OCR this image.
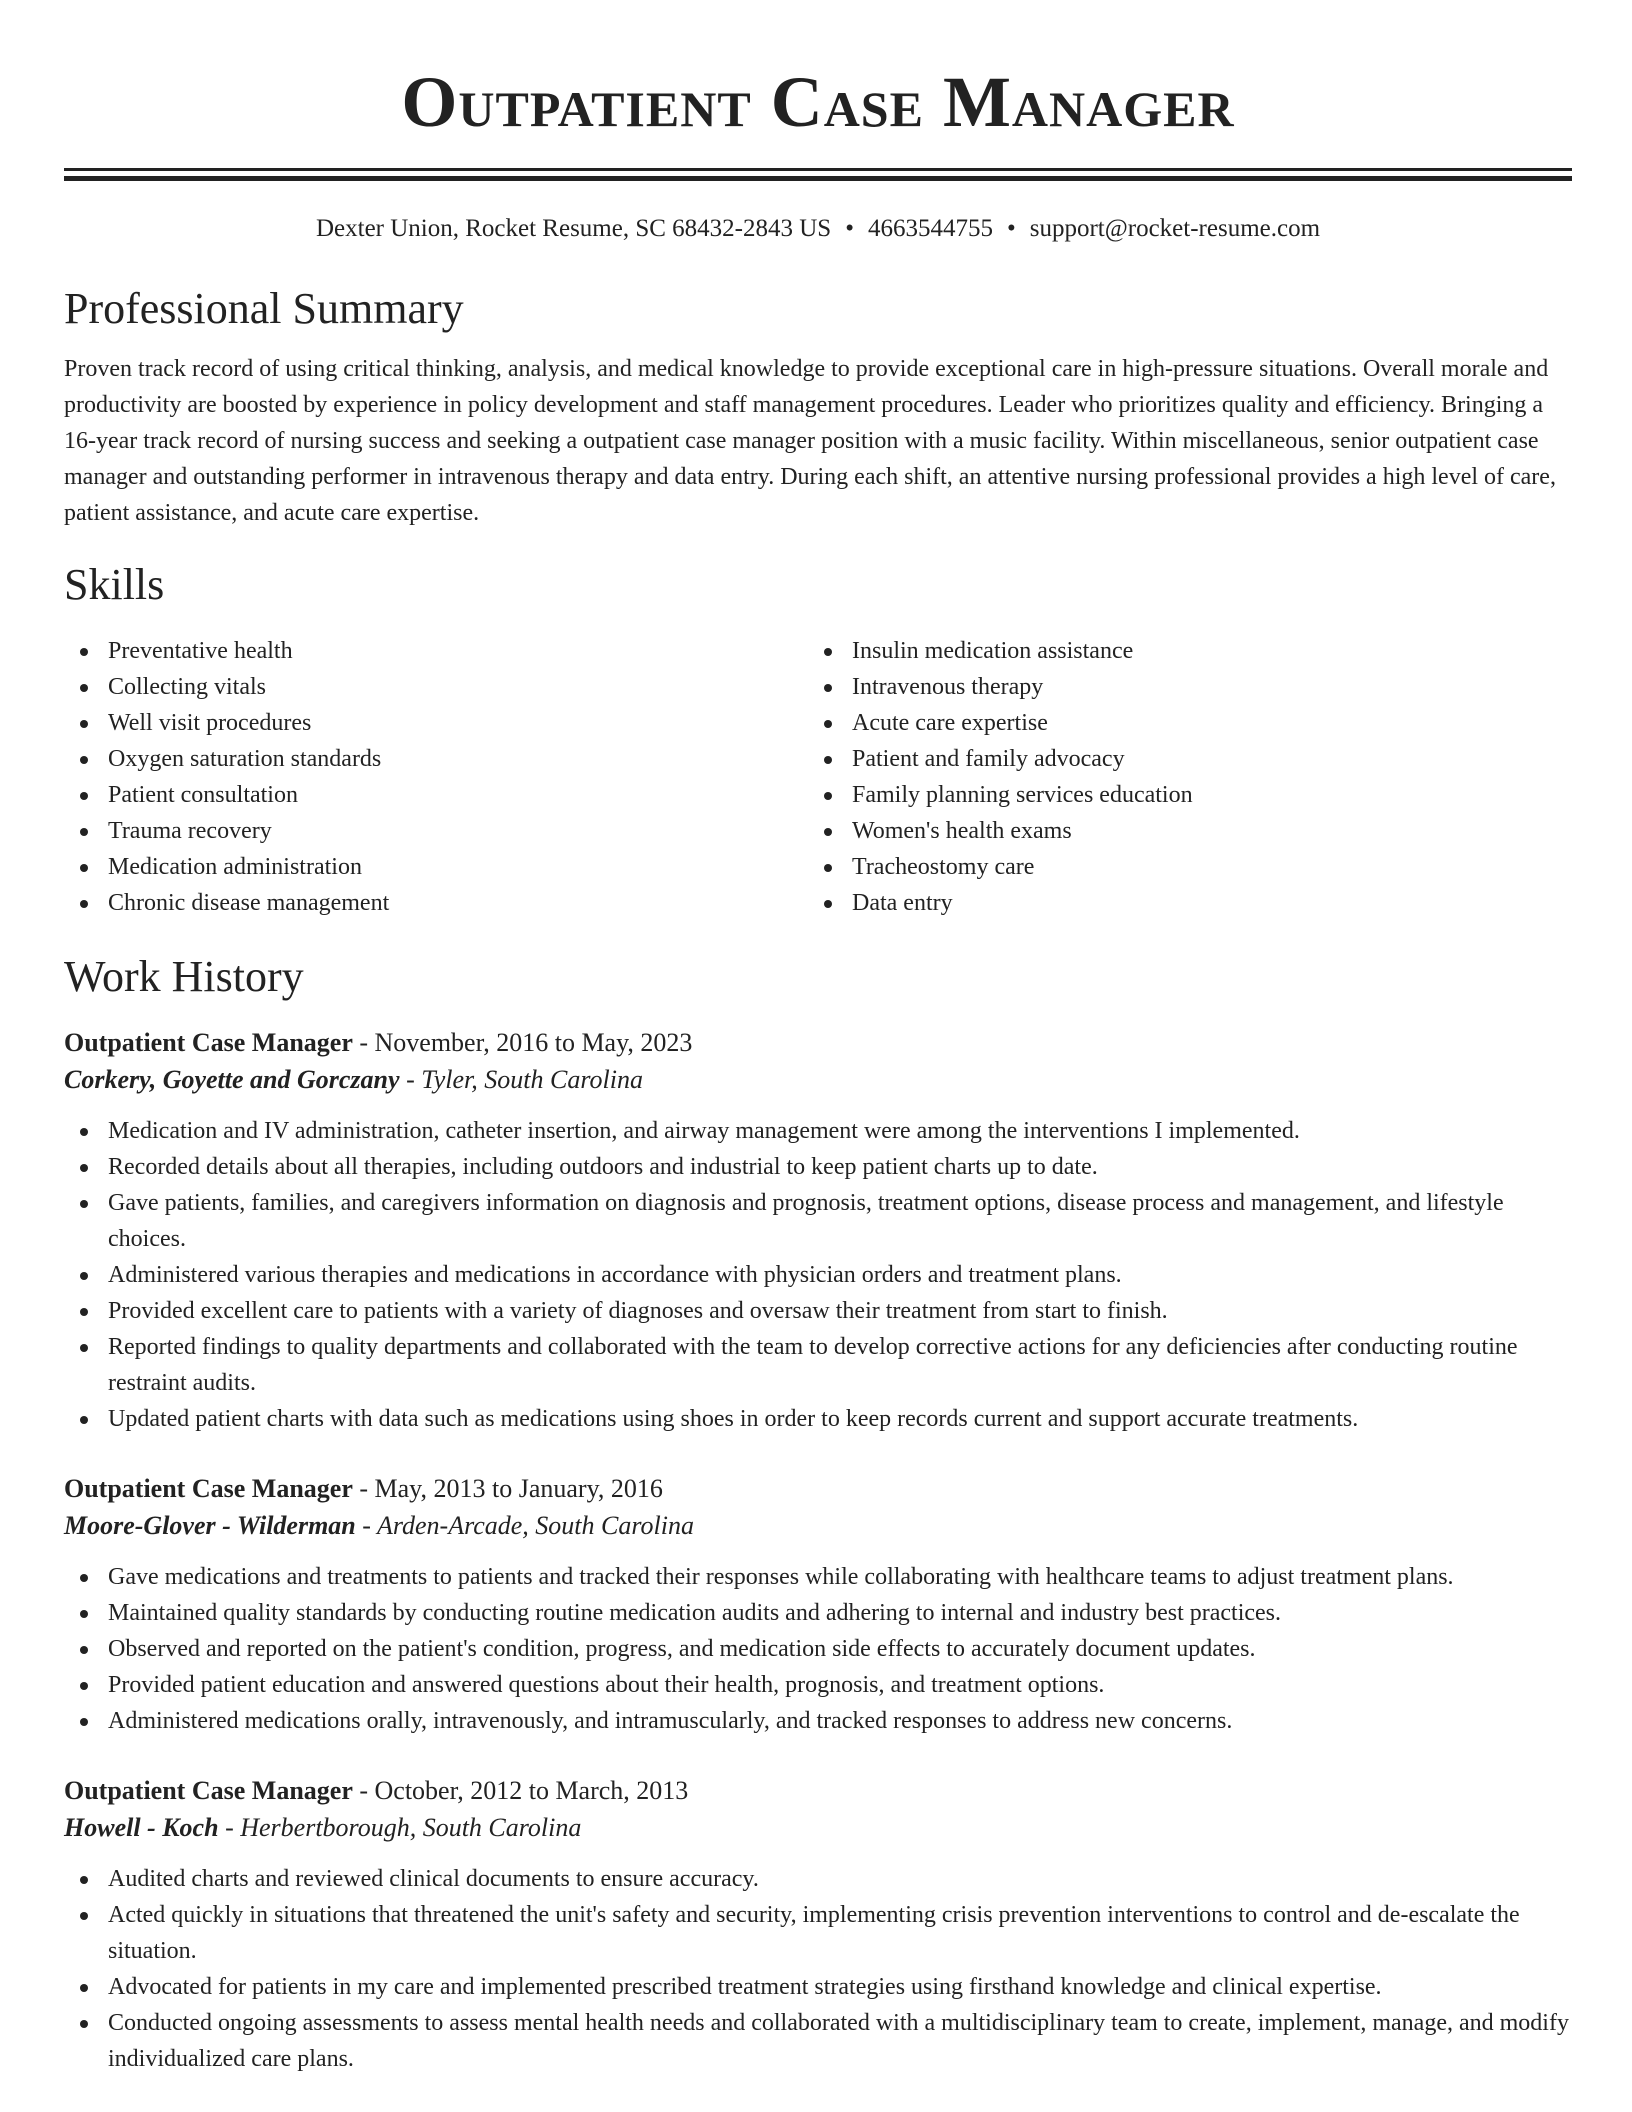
Outpatient Case Manager
Dexter Union, Rocket Resume, SC 68432-2843 US • 4663544755 • support@rocket-resume.com
Professional Summary

Proven track record of using critical thinking, analysis, and medical knowledge to provide exceptional care in high-pressure situations. Overall morale and productivity are boosted by experience in policy development and staff management procedures. Leader who prioritizes quality and efficiency. Bringing a 16-year track record of nursing success and seeking a outpatient case manager position with a music facility. Within miscellaneous, senior outpatient case manager and outstanding performer in intravenous therapy and data entry. During each shift, an attentive nursing professional provides a high level of care, patient assistance, and acute care expertise.

Skills
Preventative health
Collecting vitals
Well visit procedures
Oxygen saturation standards
Patient consultation
Trauma recovery
Medication administration
Chronic disease management
Insulin medication assistance
Intravenous therapy
Acute care expertise
Patient and family advocacy
Family planning services education
Women's health exams
Tracheostomy care
Data entry
Work History
Outpatient Case Manager - November, 2016 to May, 2023
Corkery, Goyette and Gorczany - Tyler, South Carolina
Medication and IV administration, catheter insertion, and airway management were among the interventions I implemented.
Recorded details about all therapies, including outdoors and industrial to keep patient charts up to date.
Gave patients, families, and caregivers information on diagnosis and prognosis, treatment options, disease process and management, and lifestyle choices.
Administered various therapies and medications in accordance with physician orders and treatment plans.
Provided excellent care to patients with a variety of diagnoses and oversaw their treatment from start to finish.
Reported findings to quality departments and collaborated with the team to develop corrective actions for any deficiencies after conducting routine restraint audits.
Updated patient charts with data such as medications using shoes in order to keep records current and support accurate treatments.
Outpatient Case Manager - May, 2013 to January, 2016
Moore-Glover - Wilderman - Arden-Arcade, South Carolina
Gave medications and treatments to patients and tracked their responses while collaborating with healthcare teams to adjust treatment plans.
Maintained quality standards by conducting routine medication audits and adhering to internal and industry best practices.
Observed and reported on the patient's condition, progress, and medication side effects to accurately document updates.
Provided patient education and answered questions about their health, prognosis, and treatment options.
Administered medications orally, intravenously, and intramuscularly, and tracked responses to address new concerns.
Outpatient Case Manager - October, 2012 to March, 2013
Howell - Koch - Herbertborough, South Carolina
Audited charts and reviewed clinical documents to ensure accuracy.
Acted quickly in situations that threatened the unit's safety and security, implementing crisis prevention interventions to control and de-escalate the situation.
Advocated for patients in my care and implemented prescribed treatment strategies using firsthand knowledge and clinical expertise.
Conducted ongoing assessments to assess mental health needs and collaborated with a multidisciplinary team to create, implement, manage, and modify individualized care plans.
